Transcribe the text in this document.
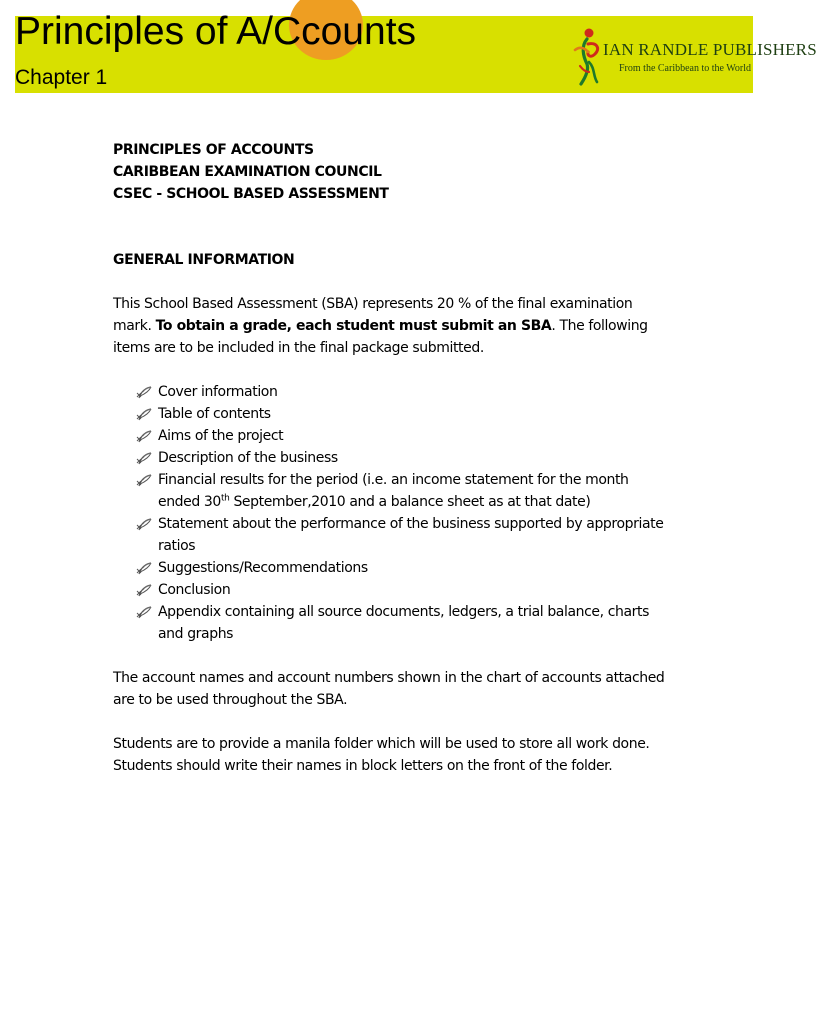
Principles of A/Ccounts
Chapter 1
IAN RANDLE PUBLISHERS
From the Caribbean to the World

PRINCIPLES OF ACCOUNTS

CARIBBEAN EXAMINATION COUNCIL

CSEC - SCHOOL BASED ASSESSMENT

GENERAL INFORMATION

This School Based Assessment (SBA) represents 20 % of the final examination mark. To obtain a grade, each student must submit an SBA. The following items are to be included in the final package submitted.

Cover information
Table of contents
Aims of the project
Description of the business
Financial results for the period (i.e. an income statement for the month ended 30th September,2010 and a balance sheet as at that date)
Statement about the performance of the business supported by appropriate ratios
Suggestions/Recommendations
Conclusion
Appendix containing all source documents, ledgers, a trial balance, charts and graphs

The account names and account numbers shown in the chart of accounts attached are to be used throughout the SBA.

Students are to provide a manila folder which will be used to store all work done. Students should write their names in block letters on the front of the folder.
